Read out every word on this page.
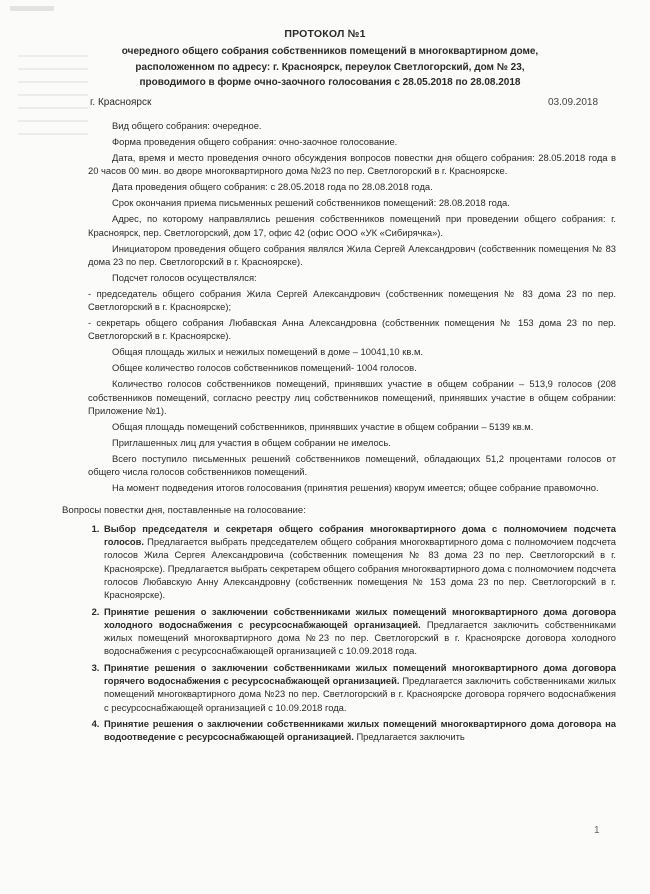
ПРОТОКОЛ №1
очередного общего собрания собственников помещений в многоквартирном доме,
расположенном по адресу: г. Красноярск, переулок Светлогорский, дом № 23,
проводимого в форме очно-заочного голосования с 28.05.2018 по 28.08.2018
г. Красноярск	03.09.2018

Вид общего собрания: очередное.

Форма проведения общего собрания: очно-заочное голосование.

Дата, время и место проведения очного обсуждения вопросов повестки дня общего собрания: 28.05.2018 года в 20 часов 00 мин. во дворе многоквартирного дома №23 по пер. Светлогорский в г. Красноярске.

Дата проведения общего собрания: с 28.05.2018 года по 28.08.2018 года.

Срок окончания приема письменных решений собственников помещений: 28.08.2018 года.

Адрес, по которому направлялись решения собственников помещений при проведении общего собрания: г. Красноярск, пер. Светлогорский, дом 17, офис 42 (офис ООО «УК «Сибирячка»).

Инициатором проведения общего собрания являлся Жила Сергей Александрович (собственник помещения № 83 дома 23 по пер. Светлогорский в г. Красноярске).

Подсчет голосов осуществлялся:

- председатель общего собрания Жила Сергей Александрович (собственник помещения № 83 дома 23 по пер. Светлогорский в г. Красноярске);

- секретарь общего собрания Любавская Анна Александровна (собственник помещения № 153 дома 23 по пер. Светлогорский в г. Красноярске).

Общая площадь жилых и нежилых помещений в доме – 10041,10 кв.м.

Общее количество голосов собственников помещений- 1004 голосов.

Количество голосов собственников помещений, принявших участие в общем собрании – 513,9 голосов (208 собственников помещений, согласно реестру лиц собственников помещений, принявших участие в общем собрании: Приложение №1).

Общая площадь помещений собственников, принявших участие в общем собрании – 5139 кв.м.

Приглашенных лиц для участия в общем собрании не имелось.

Всего поступило письменных решений собственников помещений, обладающих 51,2 процентами голосов от общего числа голосов собственников помещений.

На момент подведения итогов голосования (принятия решения) кворум имеется; общее собрание правомочно.

Вопросы повестки дня, поставленные на голосование:
1. Выбор председателя и секретаря общего собрания многоквартирного дома с полномочием подсчета голосов. Предлагается выбрать председателем общего собрания многоквартирного дома с полномочием подсчета голосов Жила Сергея Александровича (собственник помещения № 83 дома 23 по пер. Светлогорский в г. Красноярске). Предлагается выбрать секретарем общего собрания многоквартирного дома с полномочием подсчета голосов Любавскую Анну Александровну (собственник помещения № 153 дома 23 по пер. Светлогорский в г. Красноярске).
2. Принятие решения о заключении собственниками жилых помещений многоквартирного дома договора холодного водоснабжения с ресурсоснабжающей организацией. Предлагается заключить собственниками жилых помещений многоквартирного дома №23 по пер. Светлогорский в г. Красноярске договора холодного водоснабжения с ресурсоснабжающей организацией с 10.09.2018 года.
3. Принятие решения о заключении собственниками жилых помещений многоквартирного дома договора горячего водоснабжения с ресурсоснабжающей организацией. Предлагается заключить собственниками жилых помещений многоквартирного дома №23 по пер. Светлогорский в г. Красноярске договора горячего водоснабжения с ресурсоснабжающей организацией с 10.09.2018 года.
4. Принятие решения о заключении собственниками жилых помещений многоквартирного дома договора на водоотведение с ресурсоснабжающей организацией. Предлагается заключить
1
